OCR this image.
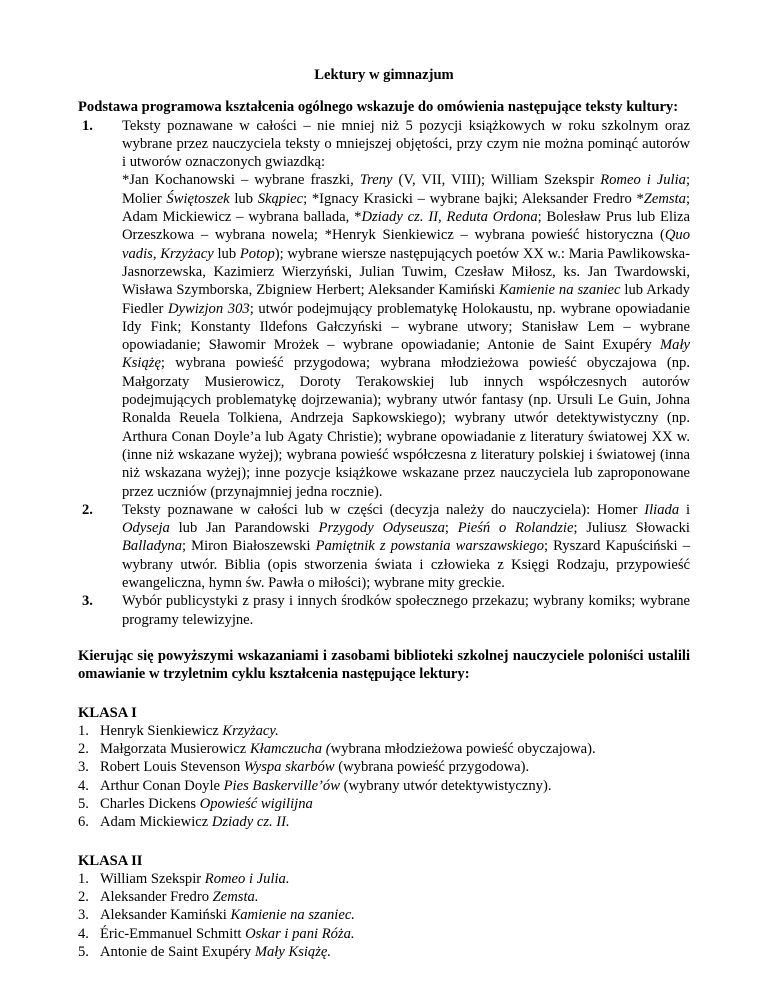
Lektury w gimnazjum

Podstawa programowa kształcenia ogólnego wskazuje do omówienia następujące teksty kultury:

1. Teksty poznawane w całości – nie mniej niż 5 pozycji książkowych w roku szkolnym oraz wybrane przez nauczyciela teksty o mniejszej objętości, przy czym nie można pominąć autorów i utworów oznaczonych gwiazdką:
*Jan Kochanowski – wybrane fraszki, Treny (V, VII, VIII); William Szekspir Romeo i Julia; Molier Świętoszek lub Skąpiec; *Ignacy Krasicki – wybrane bajki; Aleksander Fredro *Zemsta; Adam Mickiewicz – wybrana ballada, *Dziady cz. II, Reduta Ordona; Bolesław Prus lub Eliza Orzeszkowa – wybrana nowela; *Henryk Sienkiewicz – wybrana powieść historyczna (Quo vadis, Krzyżacy lub Potop); wybrane wiersze następujących poetów XX w.: Maria Pawlikowska-Jasnorzewska, Kazimierz Wierzyński, Julian Tuwim, Czesław Miłosz, ks. Jan Twardowski, Wisława Szymborska, Zbigniew Herbert; Aleksander Kamiński Kamienie na szaniec lub Arkady Fiedler Dywizjon 303; utwór podejmujący problematykę Holokaustu, np. wybrane opowiadanie Idy Fink; Konstanty Ildefons Gałczyński – wybrane utwory; Stanisław Lem – wybrane opowiadanie; Sławomir Mrożek – wybrane opowiadanie; Antonie de Saint Exupéry Mały Książę; wybrana powieść przygodowa; wybrana młodzieżowa powieść obyczajowa (np. Małgorzaty Musierowicz, Doroty Terakowskiej lub innych współczesnych autorów podejmujących problematykę dojrzewania); wybrany utwór fantasy (np. Ursuli Le Guin, Johna Ronalda Reuela Tolkiena, Andrzeja Sapkowskiego); wybrany utwór detektywistyczny (np. Arthura Conan Doyle’a lub Agaty Christie); wybrane opowiadanie z literatury światowej XX w. (inne niż wskazane wyżej); wybrana powieść współczesna z literatury polskiej i światowej (inna niż wskazana wyżej); inne pozycje książkowe wskazane przez nauczyciela lub zaproponowane przez uczniów (przynajmniej jedna rocznie).
2. Teksty poznawane w całości lub w części (decyzja należy do nauczyciela): Homer Iliada i Odyseja lub Jan Parandowski Przygody Odyseusza; Pieśń o Rolandzie; Juliusz Słowacki Balladyna; Miron Białoszewski Pamiętnik z powstania warszawskiego; Ryszard Kapuściński – wybrany utwór. Biblia (opis stworzenia świata i człowieka z Księgi Rodzaju, przypowieść ewangeliczna, hymn św. Pawła o miłości); wybrane mity greckie.
3. Wybór publicystyki z prasy i innych środków społecznego przekazu; wybrany komiks; wybrane programy telewizyjne.

Kierując się powyższymi wskazaniami i zasobami biblioteki szkolnej nauczyciele poloniści ustalili omawianie w trzyletnim cyklu kształcenia następujące lektury:

KLASA I

1. Henryk Sienkiewicz Krzyżacy.
2. Małgorzata Musierowicz Kłamczucha (wybrana młodzieżowa powieść obyczajowa).
3. Robert Louis Stevenson Wyspa skarbów (wybrana powieść przygodowa).
4. Arthur Conan Doyle Pies Baskerville’ów (wybrany utwór detektywistyczny).
5. Charles Dickens Opowieść wigilijna
6. Adam Mickiewicz Dziady cz. II.

KLASA II

1. William Szekspir Romeo i Julia.
2. Aleksander Fredro Zemsta.
3. Aleksander Kamiński Kamienie na szaniec.
4. Éric-Emmanuel Schmitt Oskar i pani Róża.
5. Antonie de Saint Exupéry Mały Książę.
